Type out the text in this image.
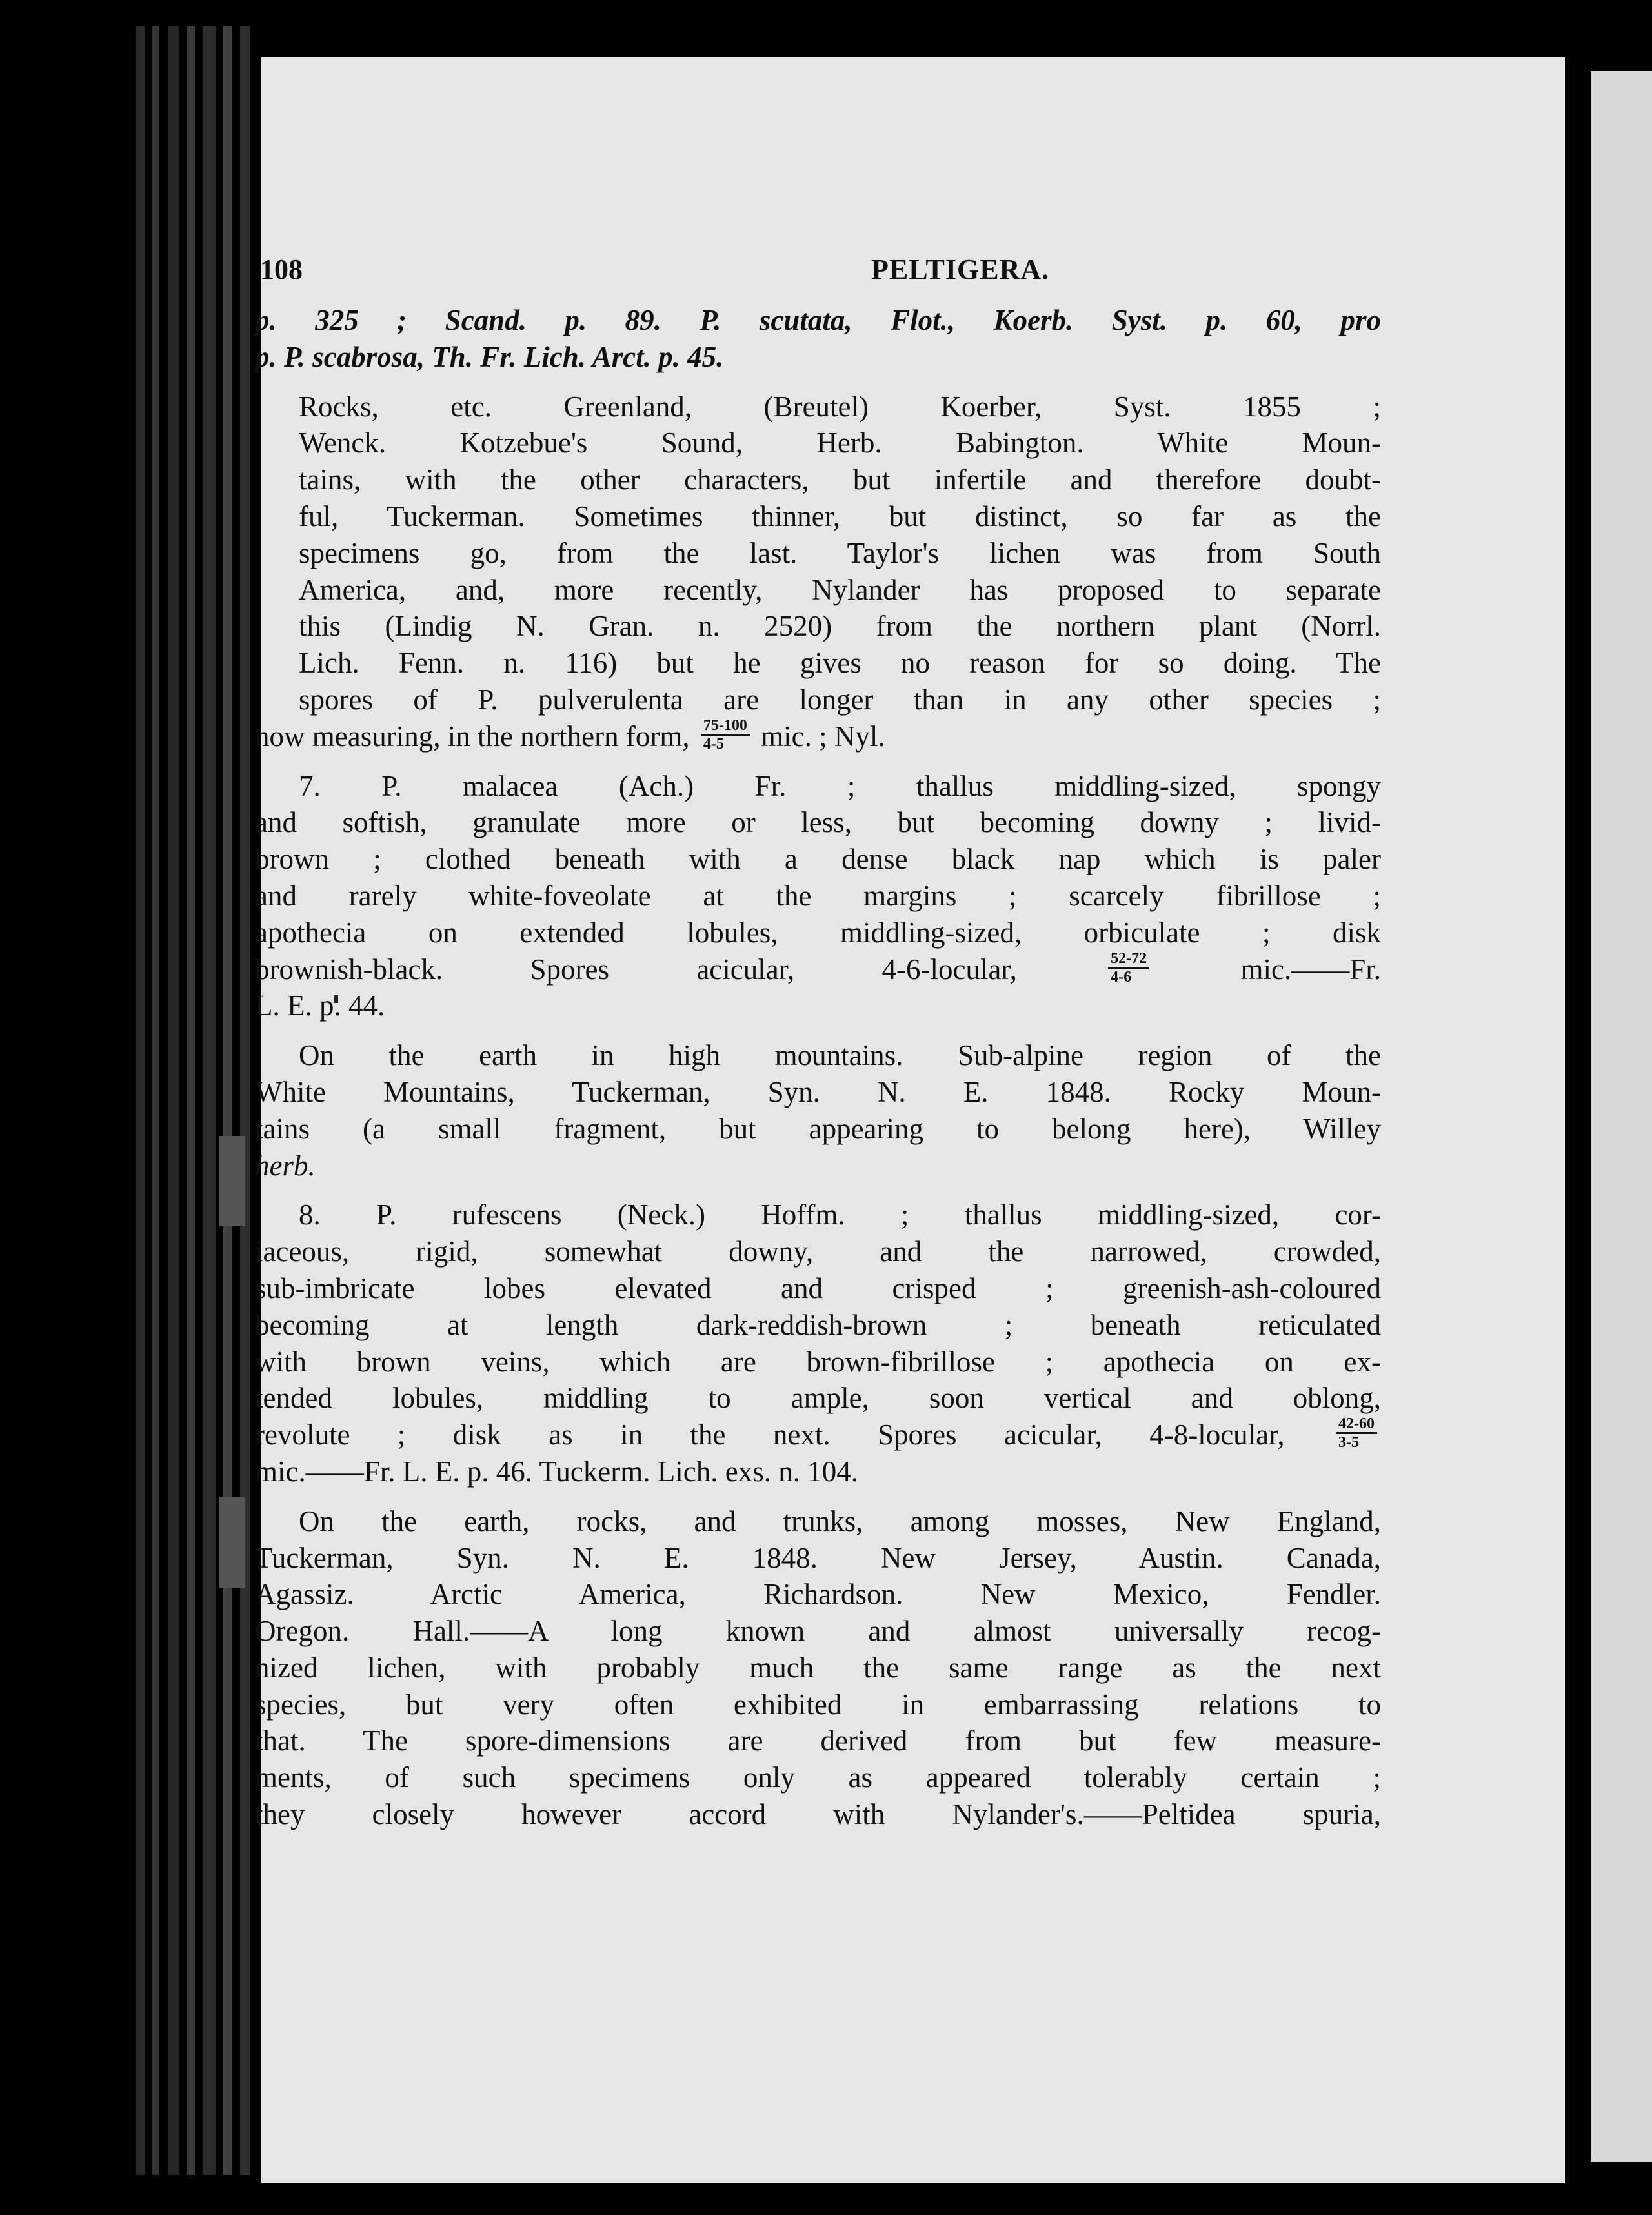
108	PELTIGERA.

p. 325 ; Scand. p. 89. P. scutata, Flot., Koerb. Syst. p. 60, pro
p. P. scabrosa, Th. Fr. Lich. Arct. p. 45.

Rocks, etc. Greenland, (Breutel) Koerber, Syst. 1855 ;
Wenck. Kotzebue's Sound, Herb. Babington. White Moun-
tains, with the other characters, but infertile and therefore doubt-
ful, Tuckerman. Sometimes thinner, but distinct, so far as the
specimens go, from the last. Taylor's lichen was from South
America, and, more recently, Nylander has proposed to separate
this (Lindig N. Gran. n. 2520) from the northern plant (Norrl.
Lich. Fenn. n. 116) but he gives no reason for so doing. The
spores of P. pulverulenta are longer than in any other species ;
now measuring, in the northern form, $\frac{75-100}{4-5}$ mic. ; Nyl.

7. P. malacea (Ach.) Fr. ; thallus middling-sized, spongy
and softish, granulate more or less, but becoming downy ; livid-
brown ; clothed beneath with a dense black nap which is paler
and rarely white-foveolate at the margins ; scarcely fibrillose ;
apothecia on extended lobules, middling-sized, orbiculate ; disk
brownish-black. Spores acicular, 4-6-locular,	$\frac{52-72}{4-6}$	mic.——Fr.
L. E. p. 44.

On the earth in high mountains. Sub-alpine region of the
White Mountains, Tuckerman, Syn. N. E. 1848. Rocky Moun-
tains (a small fragment, but appearing to belong here), Willey
herb.

8. P. rufescens (Neck.) Hoffm. ; thallus middling-sized, cor-
iaceous, rigid, somewhat downy, and the narrowed, crowded,
sub-imbricate lobes elevated and crisped ; greenish-ash-coloured
becoming at length dark-reddish-brown ; beneath reticulated
with brown veins, which are brown-fibrillose ; apothecia on ex-
tended lobules, middling to ample, soon vertical and oblong,
revolute ; disk as in the next. Spores acicular, 4-8-locular,	$\frac{42-60}{3-5}$
mic.——Fr. L. E. p. 46. Tuckerm. Lich. exs. n. 104.

On the earth, rocks, and trunks, among mosses, New England,
Tuckerman, Syn. N. E. 1848. New Jersey, Austin. Canada,
Agassiz. Arctic America, Richardson. New Mexico, Fendler.
Oregon. Hall.——A long known and almost universally recog-
nized lichen, with probably much the same range as the next
species, but very often exhibited in embarrassing relations to
that. The spore-dimensions are derived from but few measure-
ments, of such specimens only as appeared tolerably certain ;
they closely however accord with Nylander's.——Peltidea spuria,
